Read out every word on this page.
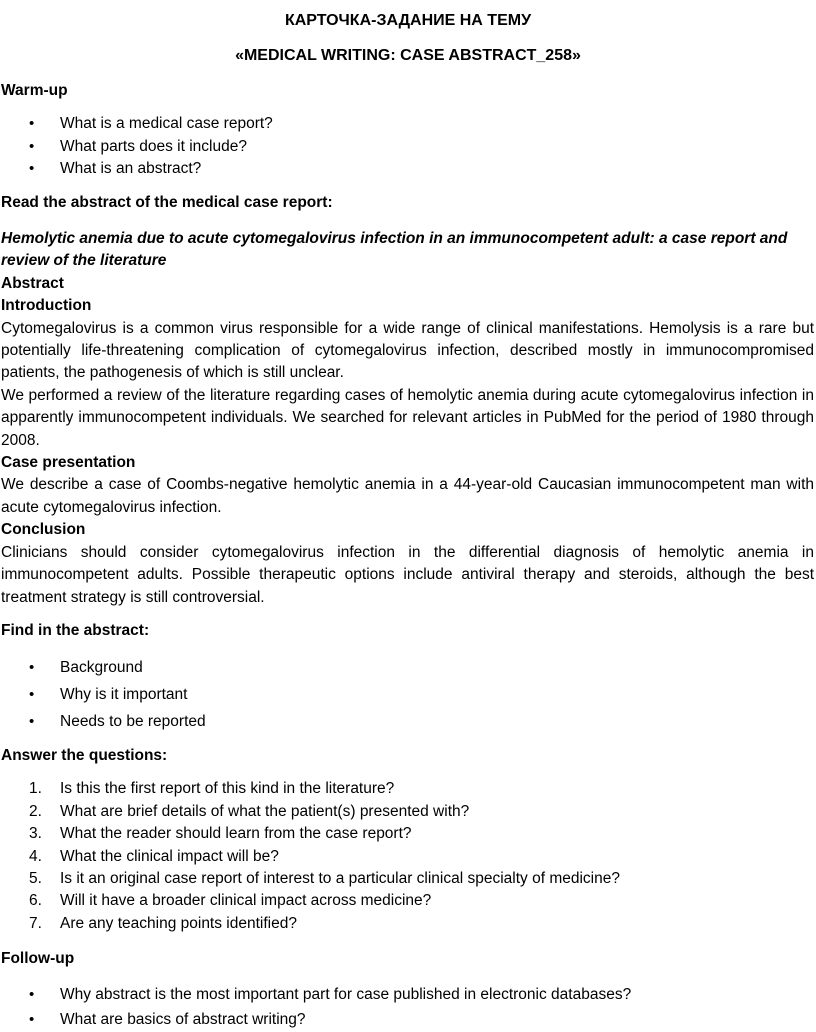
КАРТОЧКА-ЗАДАНИЕ НА ТЕМУ
«MEDICAL WRITING: CASE ABSTRACT_258»
Warm-up
• What is a medical case report?
• What parts does it include?
• What is an abstract?
Read the abstract of the medical case report:

Hemolytic anemia due to acute cytomegalovirus infection in an immunocompetent adult: a case report and review of the literature

Abstract
Introduction

Cytomegalovirus is a common virus responsible for a wide range of clinical manifestations. Hemolysis is a rare but potentially life-threatening complication of cytomegalovirus infection, described mostly in immunocompromised patients, the pathogenesis of which is still unclear.

We performed a review of the literature regarding cases of hemolytic anemia during acute cytomegalovirus infection in apparently immunocompetent individuals. We searched for relevant articles in PubMed for the period of 1980 through 2008.

Case presentation

We describe a case of Coombs-negative hemolytic anemia in a 44-year-old Caucasian immunocompetent man with acute cytomegalovirus infection.

Conclusion

Clinicians should consider cytomegalovirus infection in the differential diagnosis of hemolytic anemia in immunocompetent adults. Possible therapeutic options include antiviral therapy and steroids, although the best treatment strategy is still controversial.

Find in the abstract:
• Background
• Why is it important
• Needs to be reported
Answer the questions:
1. Is this the first report of this kind in the literature?
2. What are brief details of what the patient(s) presented with?
3. What the reader should learn from the case report?
4. What the clinical impact will be?
5. Is it an original case report of interest to a particular clinical specialty of medicine?
6. Will it have a broader clinical impact across medicine?
7. Are any teaching points identified?
Follow-up
• Why abstract is the most important part for case published in electronic databases?
• What are basics of abstract writing?
